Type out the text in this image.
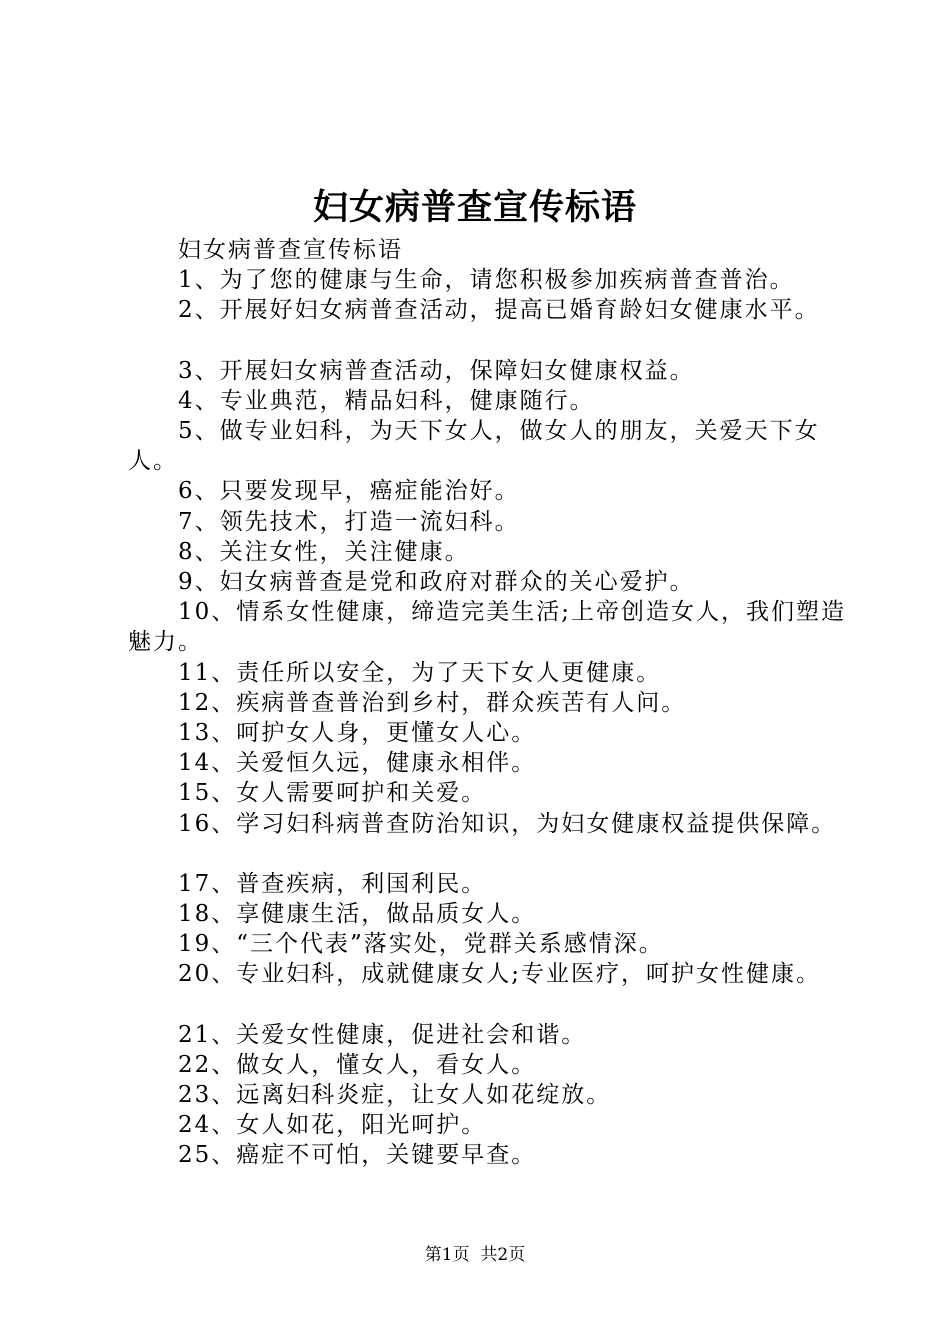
妇女病普查宣传标语

妇女病普查宣传标语

1、为了您的健康与生命，请您积极参加疾病普查普治。

2、开展好妇女病普查活动，提高已婚育龄妇女健康水平。

3、开展妇女病普查活动，保障妇女健康权益。

4、专业典范，精品妇科，健康随行。

5、做专业妇科，为天下女人，做女人的朋友，关爱天下女人。

6、只要发现早，癌症能治好。

7、领先技术，打造一流妇科。

8、关注女性，关注健康。

9、妇女病普查是党和政府对群众的关心爱护。

10、情系女性健康，缔造完美生活;上帝创造女人，我们塑造魅力。

11、责任所以安全，为了天下女人更健康。

12、疾病普查普治到乡村，群众疾苦有人问。

13、呵护女人身，更懂女人心。

14、关爱恒久远，健康永相伴。

15、女人需要呵护和关爱。

16、学习妇科病普查防治知识，为妇女健康权益提供保障。

17、普查疾病，利国利民。

18、享健康生活，做品质女人。

19、“三个代表”落实处，党群关系感情深。

20、专业妇科，成就健康女人;专业医疗，呵护女性健康。

21、关爱女性健康，促进社会和谐。

22、做女人，懂女人，看女人。

23、远离妇科炎症，让女人如花绽放。

24、女人如花，阳光呵护。

25、癌症不可怕，关键要早查。

第1页 共2页
